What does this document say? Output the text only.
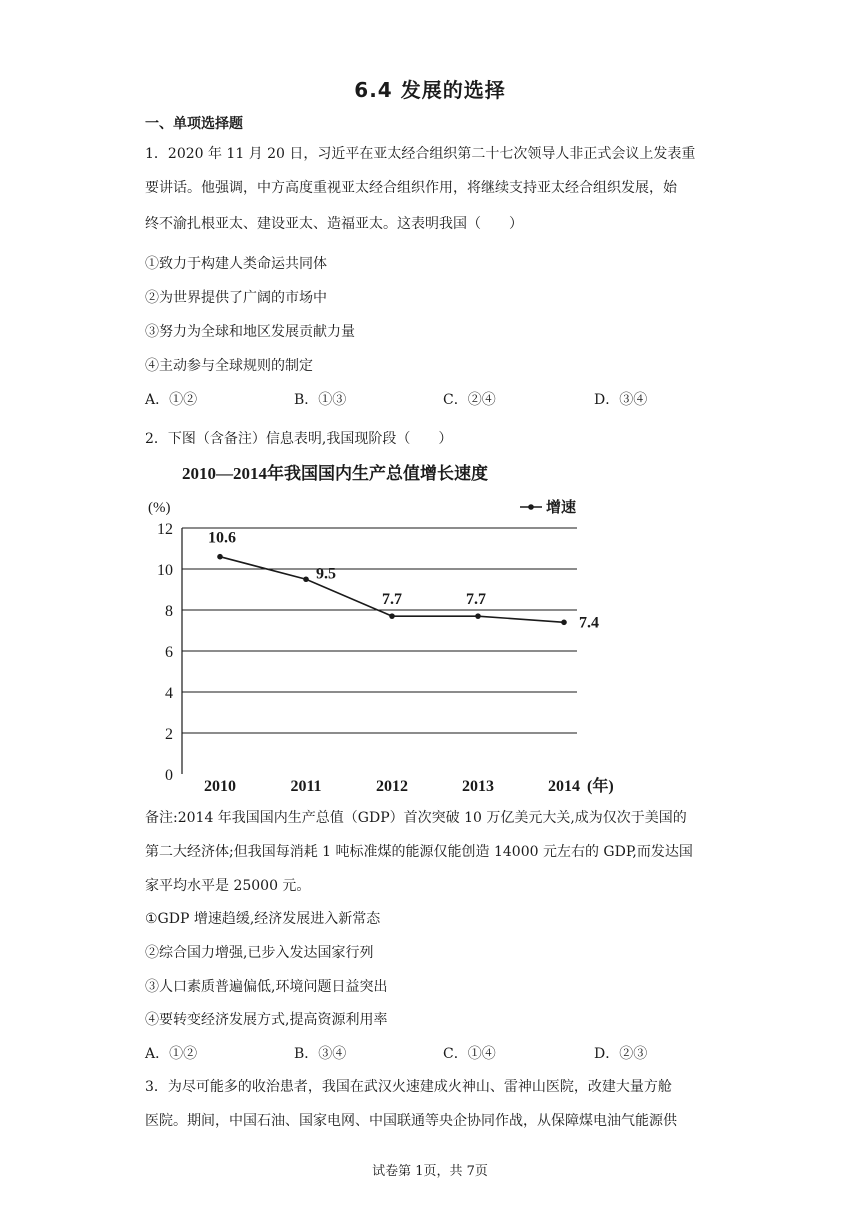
6.4 发展的选择
一、单项选择题
1．2020 年 11 月 20 日，习近平在亚太经合组织第二十七次领导人非正式会议上发表重
要讲话。他强调，中方高度重视亚太经合组织作用，将继续支持亚太经合组织发展，始
终不渝扎根亚太、建设亚太、造福亚太。这表明我国（　　）
①致力于构建人类命运共同体
②为世界提供了广阔的市场中
③努力为全球和地区发展贡献力量
④主动参与全球规则的制定
A．①②	B．①③	C．②④	D．③④
2．下图（含备注）信息表明,我国现阶段（　　）
2010—2014年我国国内生产总值增长速度
(%)	增速
0
2
4
6
8
10
12
2010	2011	2012	2013	2014 (年)
10.6
9.5
7.7	7.7
7.4
备注:2014 年我国国内生产总值（GDP）首次突破 10 万亿美元大关,成为仅次于美国的
第二大经济体;但我国每消耗 1 吨标准煤的能源仅能创造 14000 元左右的 GDP,而发达国
家平均水平是 25000 元。
①GDP 增速趋缓,经济发展进入新常态
②综合国力增强,已步入发达国家行列
③人口素质普遍偏低,环境问题日益突出
④要转变经济发展方式,提高资源利用率
A．①②	B．③④	C．①④	D．②③
3．为尽可能多的收治患者，我国在武汉火速建成火神山、雷神山医院，改建大量方舱
医院。期间，中国石油、国家电网、中国联通等央企协同作战，从保障煤电油气能源供
试卷第 1页，共 7页
